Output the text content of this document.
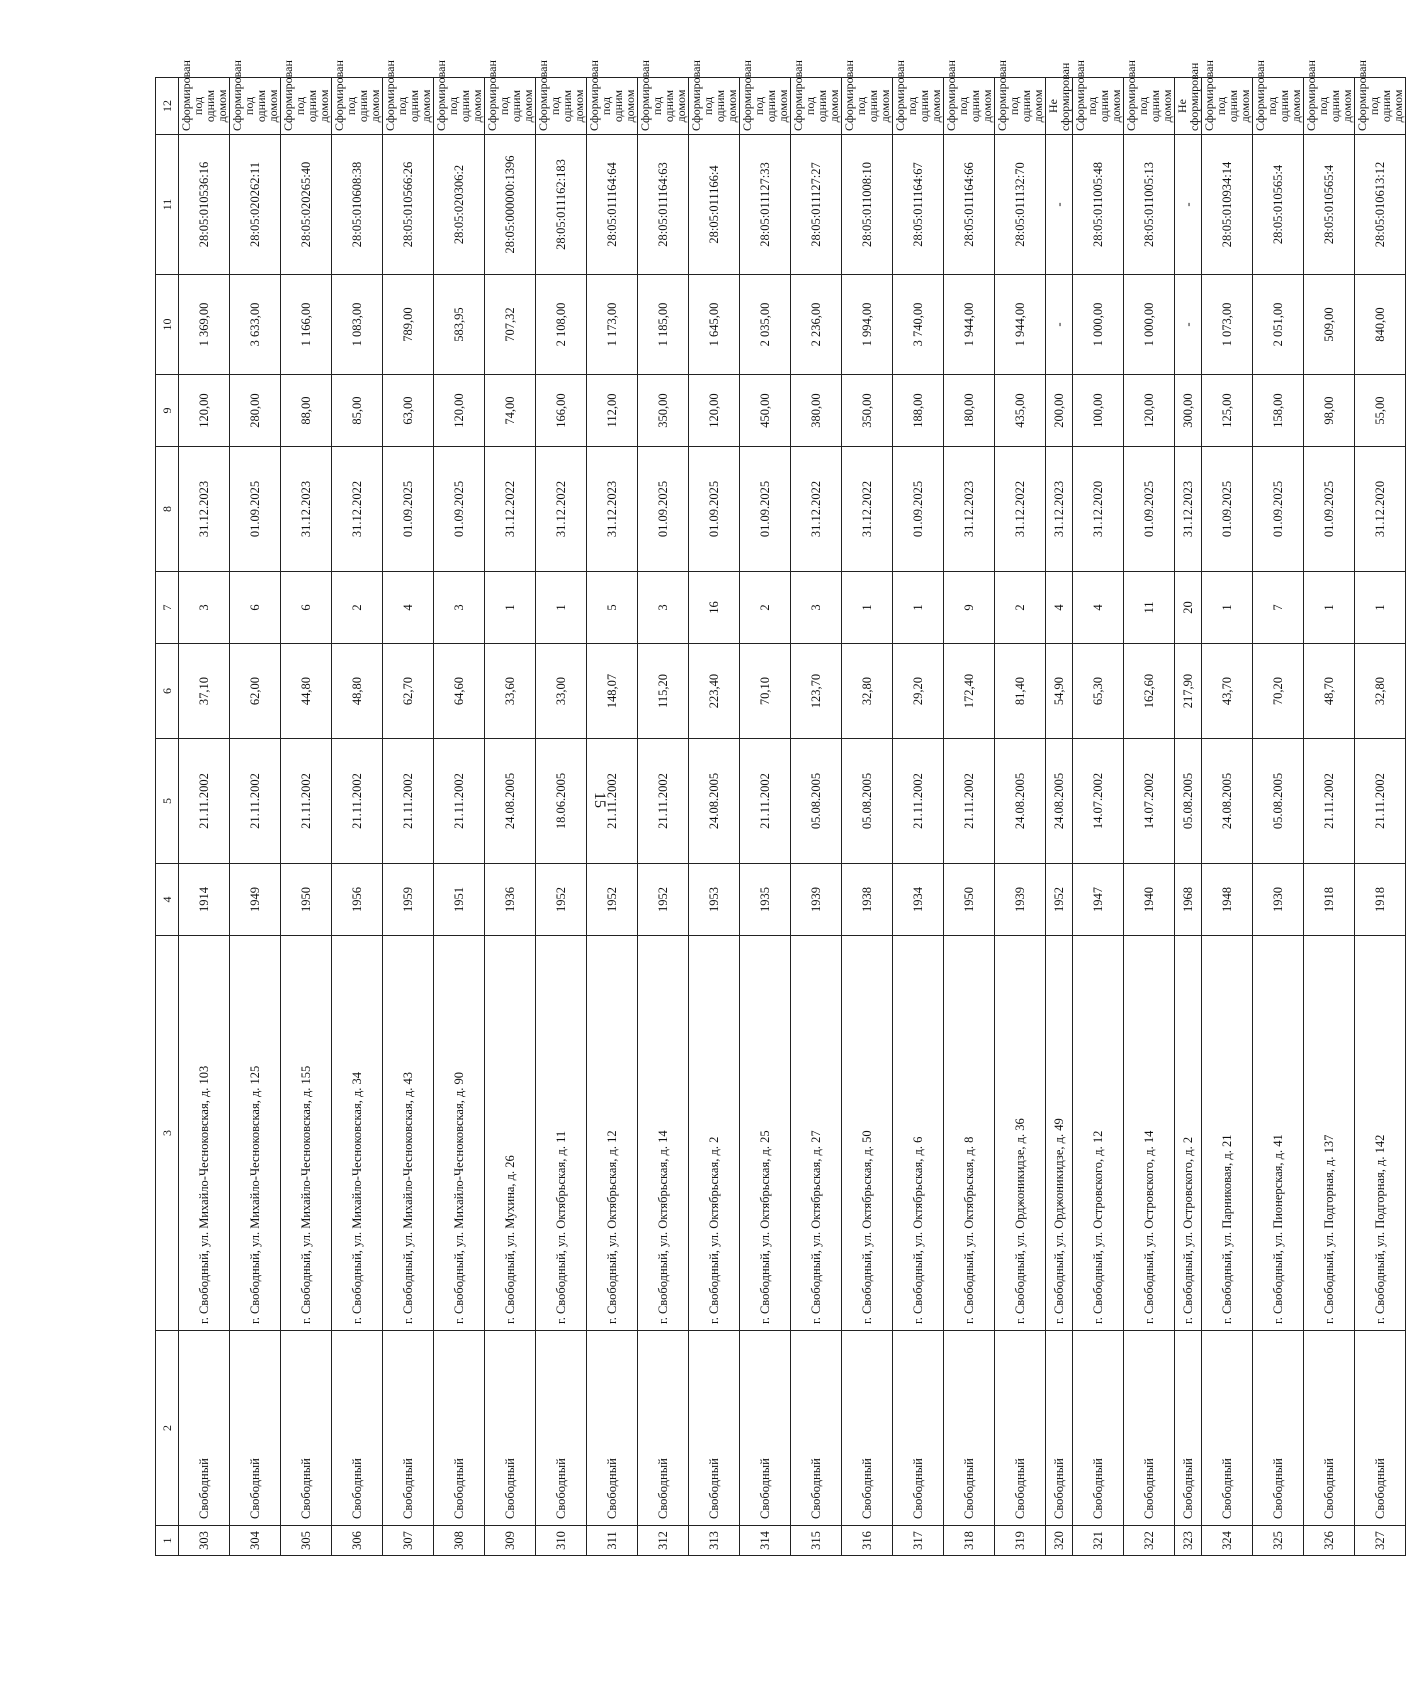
15
1	2	3	4	5	6	7	8	9	10	11	12
303	Свободный	г. Свободный, ул. Михайло-Чесноковская, д. 103	1914	21.11.2002	37,10	3	31.12.2023	120,00	1 369,00	28:05:010536:16	Сформирован под одним домом
304	Свободный	г. Свободный, ул. Михайло-Чесноковская, д. 125	1949	21.11.2002	62,00	6	01.09.2025	280,00	3 633,00	28:05:020262:11	Сформирован под одним домом
305	Свободный	г. Свободный, ул. Михайло-Чесноковская, д. 155	1950	21.11.2002	44,80	6	31.12.2023	88,00	1 166,00	28:05:020265:40	Сформирован под одним домом
306	Свободный	г. Свободный, ул. Михайло-Чесноковская, д. 34	1956	21.11.2002	48,80	2	31.12.2022	85,00	1 083,00	28:05:010608:38	Сформирован под одним домом
307	Свободный	г. Свободный, ул. Михайло-Чесноковская, д. 43	1959	21.11.2002	62,70	4	01.09.2025	63,00	789,00	28:05:010566:26	Сформирован под одним домом
308	Свободный	г. Свободный, ул. Михайло-Чесноковская, д. 90	1951	21.11.2002	64,60	3	01.09.2025	120,00	583,95	28:05:020306:2	Сформирован под одним домом
309	Свободный	г. Свободный, ул. Мухина, д. 26	1936	24.08.2005	33,60	1	31.12.2022	74,00	707,32	28:05:000000:1396	Сформирован под одним домом
310	Свободный	г. Свободный, ул. Октябрьская, д. 11	1952	18.06.2005	33,00	1	31.12.2022	166,00	2 108,00	28:05:011162:183	Сформирован под одним домом
311	Свободный	г. Свободный, ул. Октябрьская, д. 12	1952	21.11.2002	148,07	5	31.12.2023	112,00	1 173,00	28:05:011164:64	Сформирован под одним домом
312	Свободный	г. Свободный, ул. Октябрьская, д. 14	1952	21.11.2002	115,20	3	01.09.2025	350,00	1 185,00	28:05:011164:63	Сформирован под одним домом
313	Свободный	г. Свободный, ул. Октябрьская, д. 2	1953	24.08.2005	223,40	16	01.09.2025	120,00	1 645,00	28:05:011166:4	Сформирован под одним домом
314	Свободный	г. Свободный, ул. Октябрьская, д. 25	1935	21.11.2002	70,10	2	01.09.2025	450,00	2 035,00	28:05:011127:33	Сформирован под одним домом
315	Свободный	г. Свободный, ул. Октябрьская, д. 27	1939	05.08.2005	123,70	3	31.12.2022	380,00	2 236,00	28:05:011127:27	Сформирован под одним домом
316	Свободный	г. Свободный, ул. Октябрьская, д. 50	1938	05.08.2005	32,80	1	31.12.2022	350,00	1 994,00	28:05:011008:10	Сформирован под одним домом
317	Свободный	г. Свободный, ул. Октябрьская, д. 6	1934	21.11.2002	29,20	1	01.09.2025	188,00	3 740,00	28:05:011164:67	Сформирован под одним домом
318	Свободный	г. Свободный, ул. Октябрьская, д. 8	1950	21.11.2002	172,40	9	31.12.2023	180,00	1 944,00	28:05:011164:66	Сформирован под одним домом
319	Свободный	г. Свободный, ул. Орджоникидзе, д. 36	1939	24.08.2005	81,40	2	31.12.2022	435,00	1 944,00	28:05:011132:70	Сформирован под одним домом
320	Свободный	г. Свободный, ул. Орджоникидзе, д. 49	1952	24.08.2005	54,90	4	31.12.2023	200,00	-	-	Не сформирован
321	Свободный	г. Свободный, ул. Островского, д. 12	1947	14.07.2002	65,30	4	31.12.2020	100,00	1 000,00	28:05:011005:48	Сформирован под одним домом
322	Свободный	г. Свободный, ул. Островского, д. 14	1940	14.07.2002	162,60	11	01.09.2025	120,00	1 000,00	28:05:011005:13	Сформирован под одним домом
323	Свободный	г. Свободный, ул. Островского, д. 2	1968	05.08.2005	217,90	20	31.12.2023	300,00	-	-	Не сформирован
324	Свободный	г. Свободный, ул. Парниковая, д. 21	1948	24.08.2005	43,70	1	01.09.2025	125,00	1 073,00	28:05:010934:14	Сформирован под одним домом
325	Свободный	г. Свободный, ул. Пионерская, д. 41	1930	05.08.2005	70,20	7	01.09.2025	158,00	2 051,00	28:05:010565:4	Сформирован под одним домом
326	Свободный	г. Свободный, ул. Подгорная, д. 137	1918	21.11.2002	48,70	1	01.09.2025	98,00	509,00	28:05:010565:4	Сформирован под одним домом
327	Свободный	г. Свободный, ул. Подгорная, д. 142	1918	21.11.2002	32,80	1	31.12.2020	55,00	840,00	28:05:010613:12	Сформирован под одним домом
